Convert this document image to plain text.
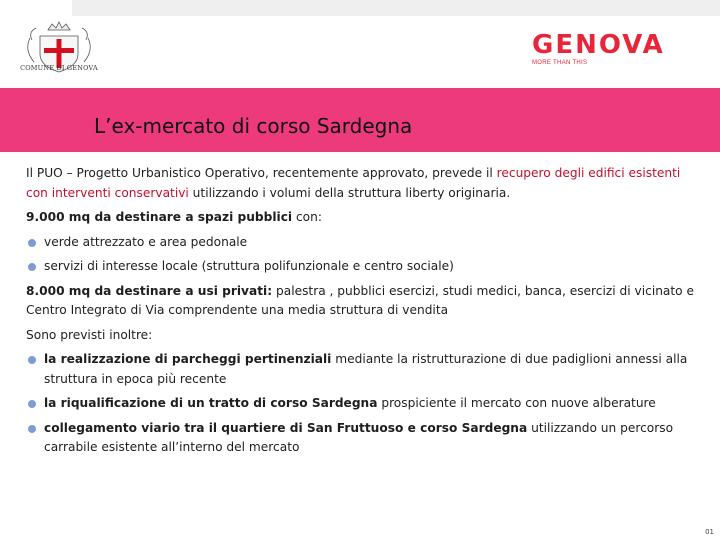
COMUNE DI GENOVA
GENOVA
MORE THAN THIS
L’ex-mercato di corso Sardegna

Il PUO – Progetto Urbanistico Operativo, recentemente approvato, prevede il recupero degli edifici esistenti con interventi conservativi utilizzando i volumi della struttura liberty originaria.

9.000 mq da destinare a spazi pubblici con:

verde attrezzato e area pedonale
servizi di interesse locale (struttura polifunzionale e centro sociale)

8.000 mq da destinare a usi privati: palestra , pubblici esercizi, studi medici, banca, esercizi di vicinato e Centro Integrato di Via comprendente una media struttura di vendita

Sono previsti inoltre:

la realizzazione di parcheggi pertinenziali mediante la ristrutturazione di due padiglioni annessi alla struttura in epoca più recente
la riqualificazione di un tratto di corso Sardegna prospiciente il mercato con nuove alberature
collegamento viario tra il quartiere di San Fruttuoso e corso Sardegna utilizzando un percorso carrabile esistente all’interno del mercato
01
